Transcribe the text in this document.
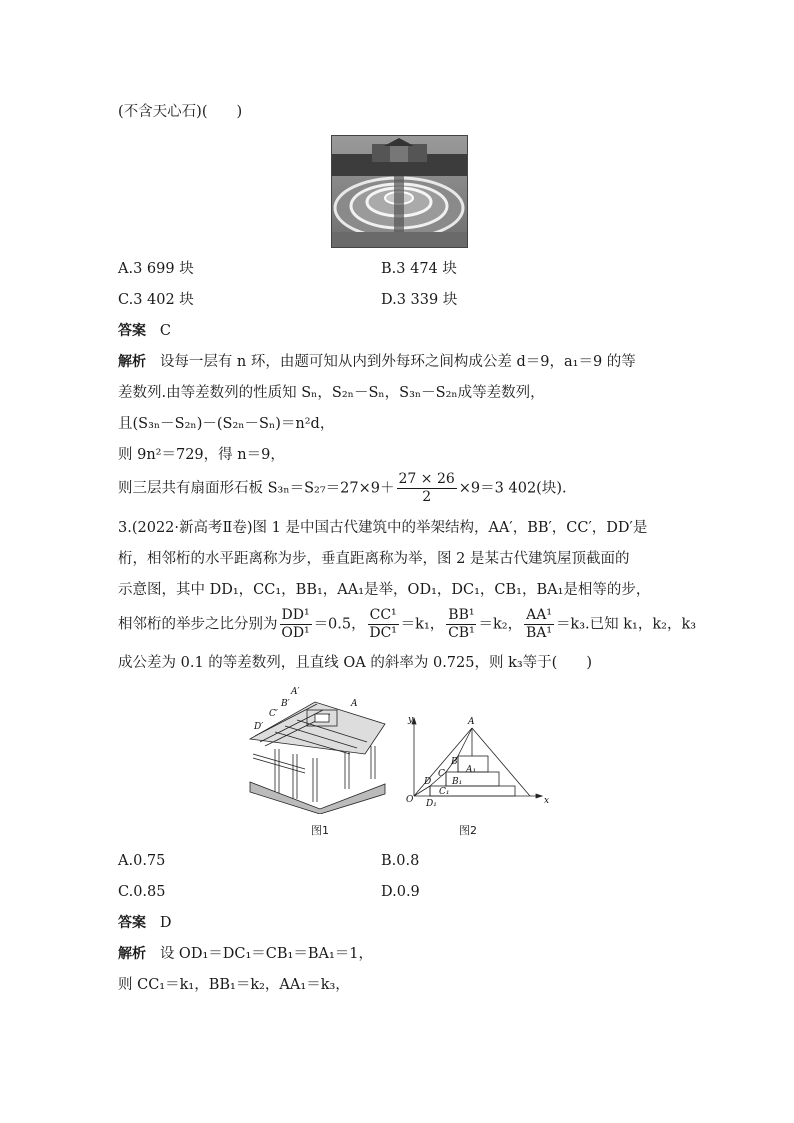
(不含天心石)(　　)
A.3 699 块	B.3 474 块
C.3 402 块	D.3 339 块
答案 C
解析 设每一层有 n 环，由题可知从内到外每环之间构成公差 d＝9，a₁＝9 的等
差数列.由等差数列的性质知 Sₙ，S₂ₙ－Sₙ，S₃ₙ－S₂ₙ成等差数列，
且(S₃ₙ－S₂ₙ)－(S₂ₙ－Sₙ)＝n²d，
则 9n²＝729，得 n＝9，
则三层共有扇面形石板 $S_{3n}=S_{27}=27\times 9+ \frac{27 \times 26}{2} \times 9=3$ 402(块).
3.(2022·新高考Ⅱ卷)图 1 是中国古代建筑中的举架结构，AA′，BB′，CC′，DD′是
桁，相邻桁的水平距离称为步，垂直距离称为举，图 2 是某古代建筑屋顶截面的
示意图，其中 DD₁，CC₁，BB₁，AA₁是举，OD₁，DC₁，CB₁，BA₁是相等的步，
相邻桁的举步之比分别为 $\frac{\text{DD¹}}{\text{OD¹}} =0.5$， $\frac{\text{CC¹}}{\text{DC¹}} =k_1$， $\frac{\text{BB¹}}{\text{CB¹}} =k_2$， $\frac{\text{AA¹}}{\text{BA¹}} =k_3$.已知 k₁，k₂，k₃
成公差为 0.1 的等差数列，且直线 OA 的斜率为 0.725，则 k₃等于(　　)
A′
B′
C′
D′
A
图1
y
x
O
A
B
C
D
A₁
B₁
C₁
D₁
图2
A.0.75	B.0.8
C.0.85	D.0.9
答案 D
解析 设 OD₁＝DC₁＝CB₁＝BA₁＝1，
则 CC₁＝k₁，BB₁＝k₂，AA₁＝k₃，
